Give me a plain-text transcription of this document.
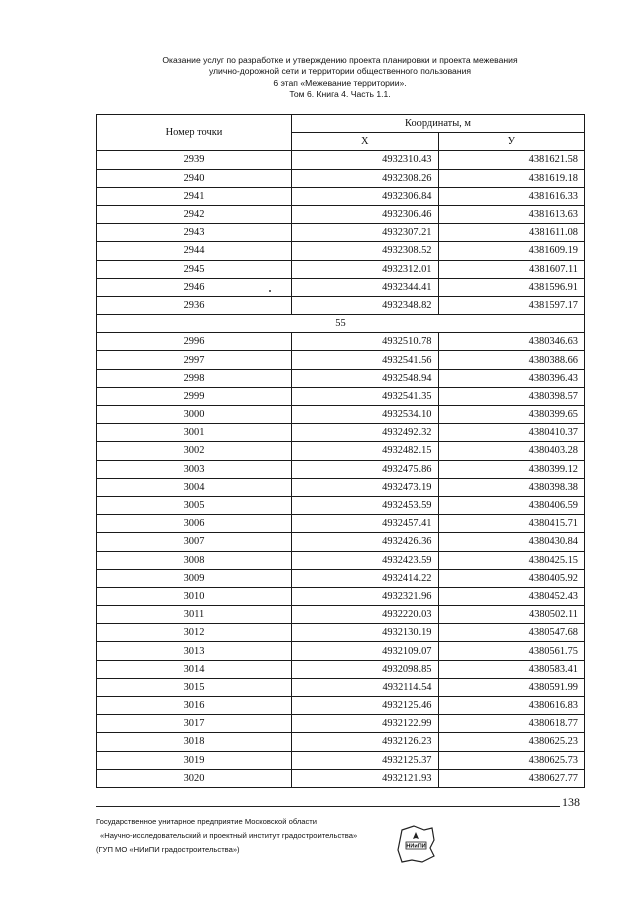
Оказание услуг по разработке и утверждению проекта планировки и проекта межевания
улично-дорожной сети и территории общественного пользования
6 этап «Межевание территории».
Том 6. Книга 4. Часть 1.1.
Номер точки	Координаты, м	
	X	У
2939	4932310.43	4381621.58
2940	4932308.26	4381619.18
2941	4932306.84	4381616.33
2942	4932306.46	4381613.63
2943	4932307.21	4381611.08
2944	4932308.52	4381609.19
2945	4932312.01	4381607.11
2946	4932344.41	4381596.91
2936	4932348.82	4381597.17
55		
2996	4932510.78	4380346.63
2997	4932541.56	4380388.66
2998	4932548.94	4380396.43
2999	4932541.35	4380398.57
3000	4932534.10	4380399.65
3001	4932492.32	4380410.37
3002	4932482.15	4380403.28
3003	4932475.86	4380399.12
3004	4932473.19	4380398.38
3005	4932453.59	4380406.59
3006	4932457.41	4380415.71
3007	4932426.36	4380430.84
3008	4932423.59	4380425.15
3009	4932414.22	4380405.92
3010	4932321.96	4380452.43
3011	4932220.03	4380502.11
3012	4932130.19	4380547.68
3013	4932109.07	4380561.75
3014	4932098.85	4380583.41
3015	4932114.54	4380591.99
3016	4932125.46	4380616.83
3017	4932122.99	4380618.77
3018	4932126.23	4380625.23
3019	4932125.37	4380625.73
3020	4932121.93	4380627.77
138
Государственное унитарное предприятие Московской области
«Научно-исследовательский и проектный институт градостроительства»
(ГУП МО «НИиПИ градостроительства»)	НИиПИ
